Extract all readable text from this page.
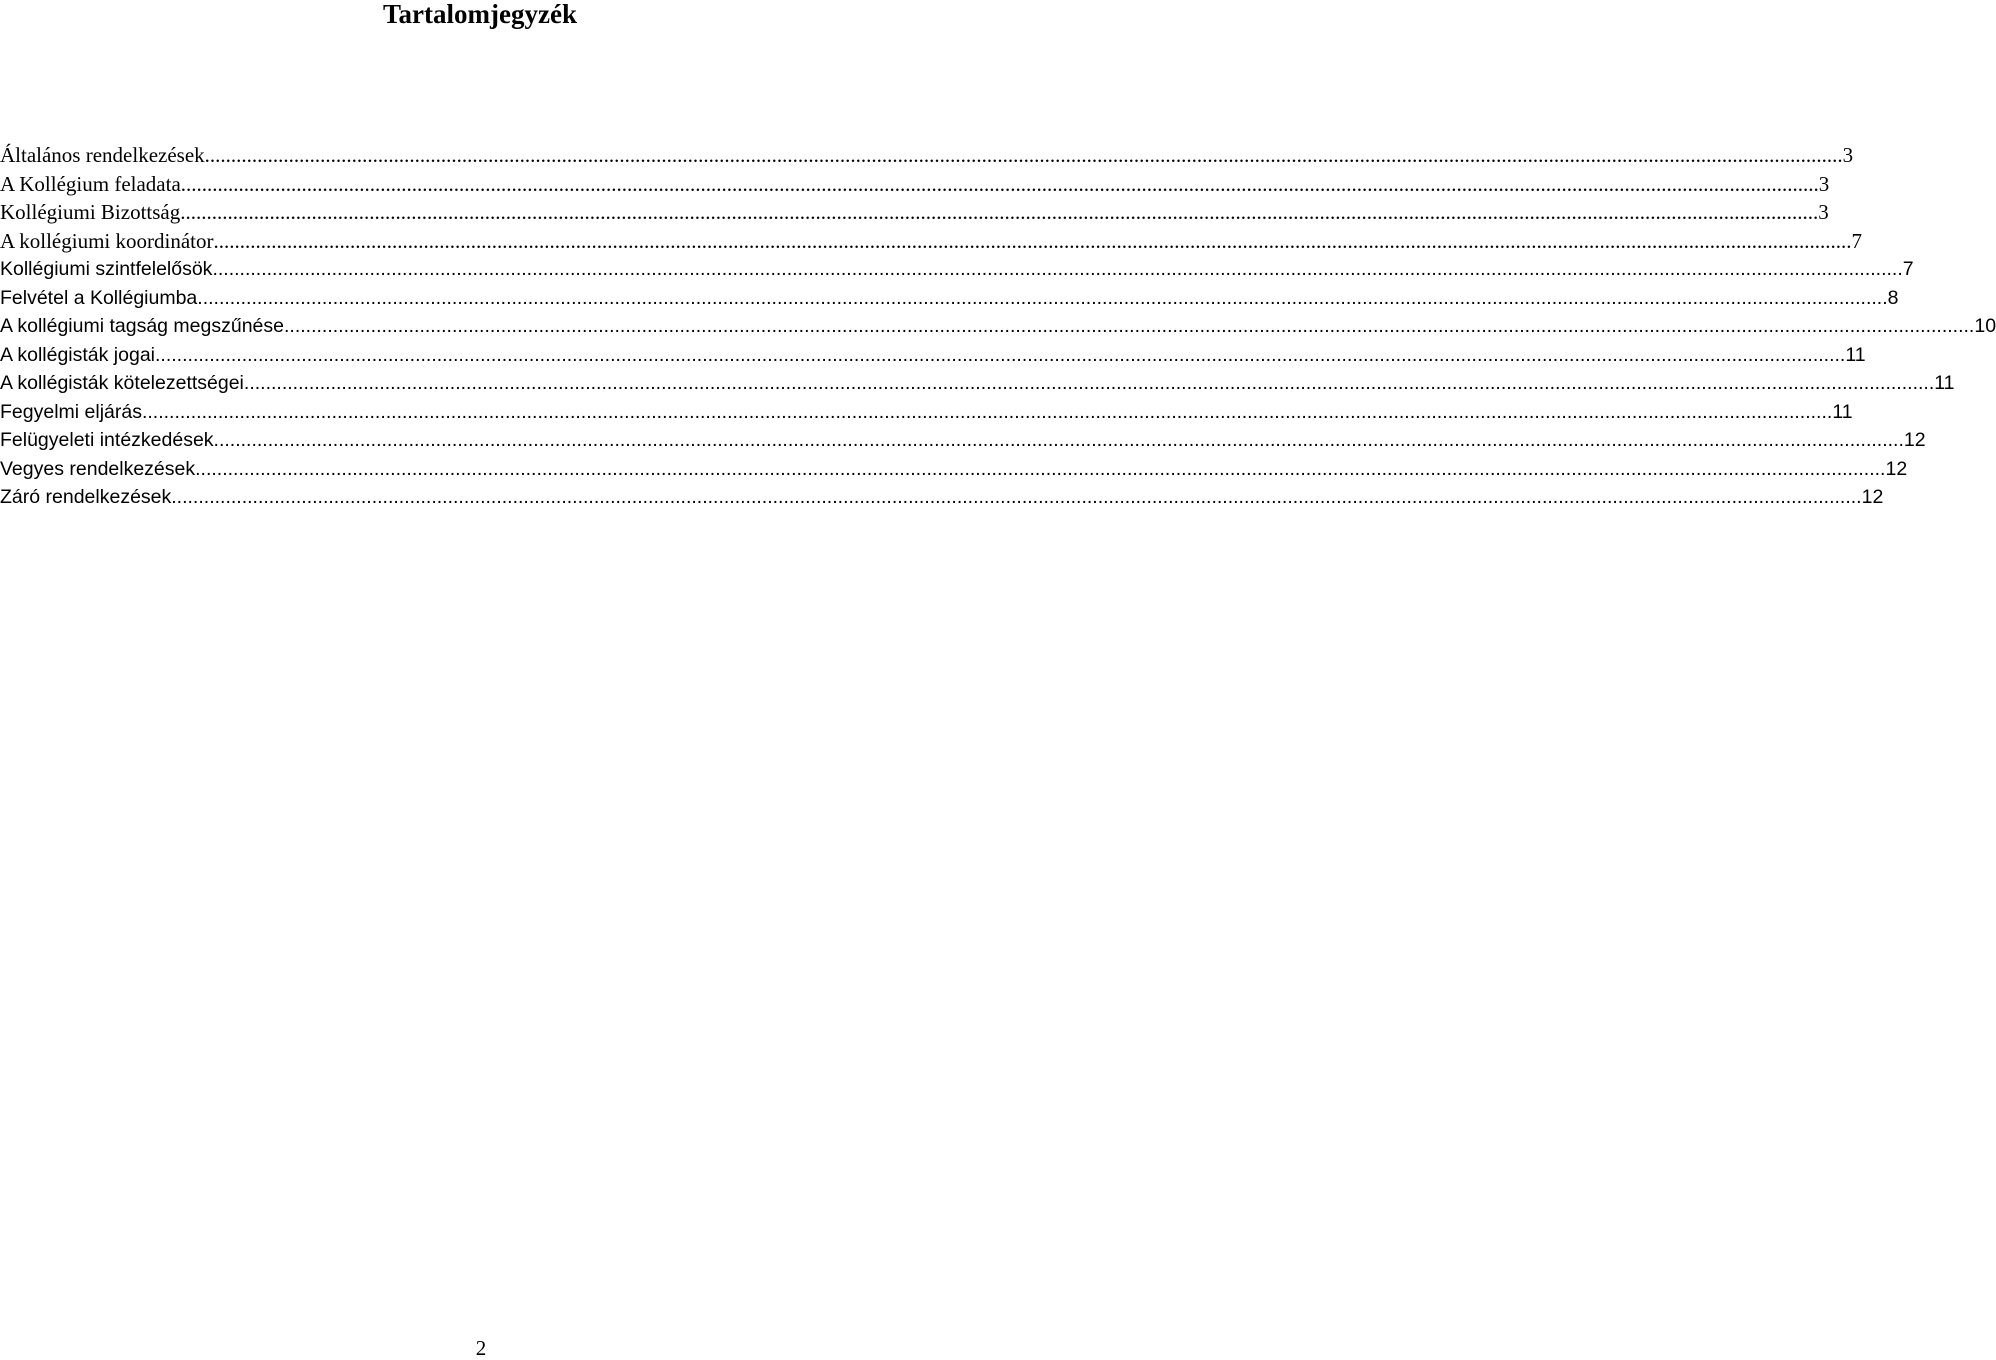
Tartalomjegyzék
Általános rendelkezések .....	3
A Kollégium feladata .....	3
Kollégiumi Bizottság .....	3
A kollégiumi koordinátor .....	7
Kollégiumi szintfelelősök .....	7
Felvétel a Kollégiumba .....	8
A kollégiumi tagság megszűnése .....	10
A kollégisták jogai .....	11
A kollégisták kötelezettségei .....	11
Fegyelmi eljárás .....	11
Felügyeleti intézkedések .....	12
Vegyes rendelkezések .....	12
Záró rendelkezések .....	12
2
